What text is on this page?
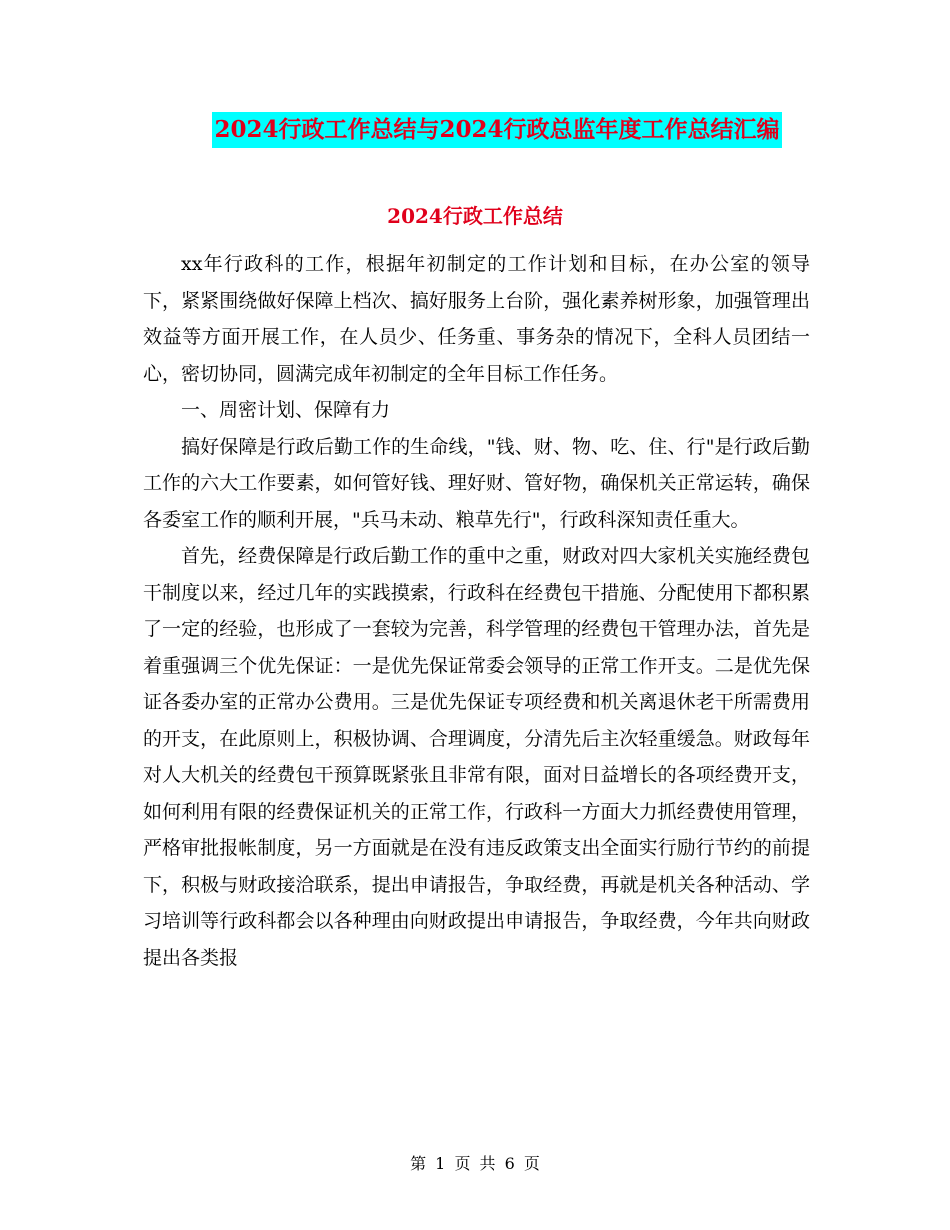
2024行政工作总结与2024行政总监年度工作总结汇编
2024行政工作总结

xx年行政科的工作，根据年初制定的工作计划和目标，在办公室的领导下，紧紧围绕做好保障上档次、搞好服务上台阶，强化素养树形象，加强管理出效益等方面开展工作，在人员少、任务重、事务杂的情况下，全科人员团结一心，密切协同，圆满完成年初制定的全年目标工作任务。

一、周密计划、保障有力

搞好保障是行政后勤工作的生命线，"钱、财、物、吃、住、行"是行政后勤工作的六大工作要素，如何管好钱、理好财、管好物，确保机关正常运转，确保各委室工作的顺利开展，"兵马未动、粮草先行"，行政科深知责任重大。

首先，经费保障是行政后勤工作的重中之重，财政对四大家机关实施经费包干制度以来，经过几年的实践摸索，行政科在经费包干措施、分配使用下都积累了一定的经验，也形成了一套较为完善，科学管理的经费包干管理办法，首先是着重强调三个优先保证：一是优先保证常委会领导的正常工作开支。二是优先保证各委办室的正常办公费用。三是优先保证专项经费和机关离退休老干所需费用的开支，在此原则上，积极协调、合理调度，分清先后主次轻重缓急。财政每年对人大机关的经费包干预算既紧张且非常有限，面对日益增长的各项经费开支，如何利用有限的经费保证机关的正常工作，行政科一方面大力抓经费使用管理，严格审批报帐制度，另一方面就是在没有违反政策支出全面实行励行节约的前提下，积极与财政接洽联系，提出申请报告，争取经费，再就是机关各种活动、学习培训等行政科都会以各种理由向财政提出申请报告，争取经费，今年共向财政提出各类报

第 1 页 共 6 页
